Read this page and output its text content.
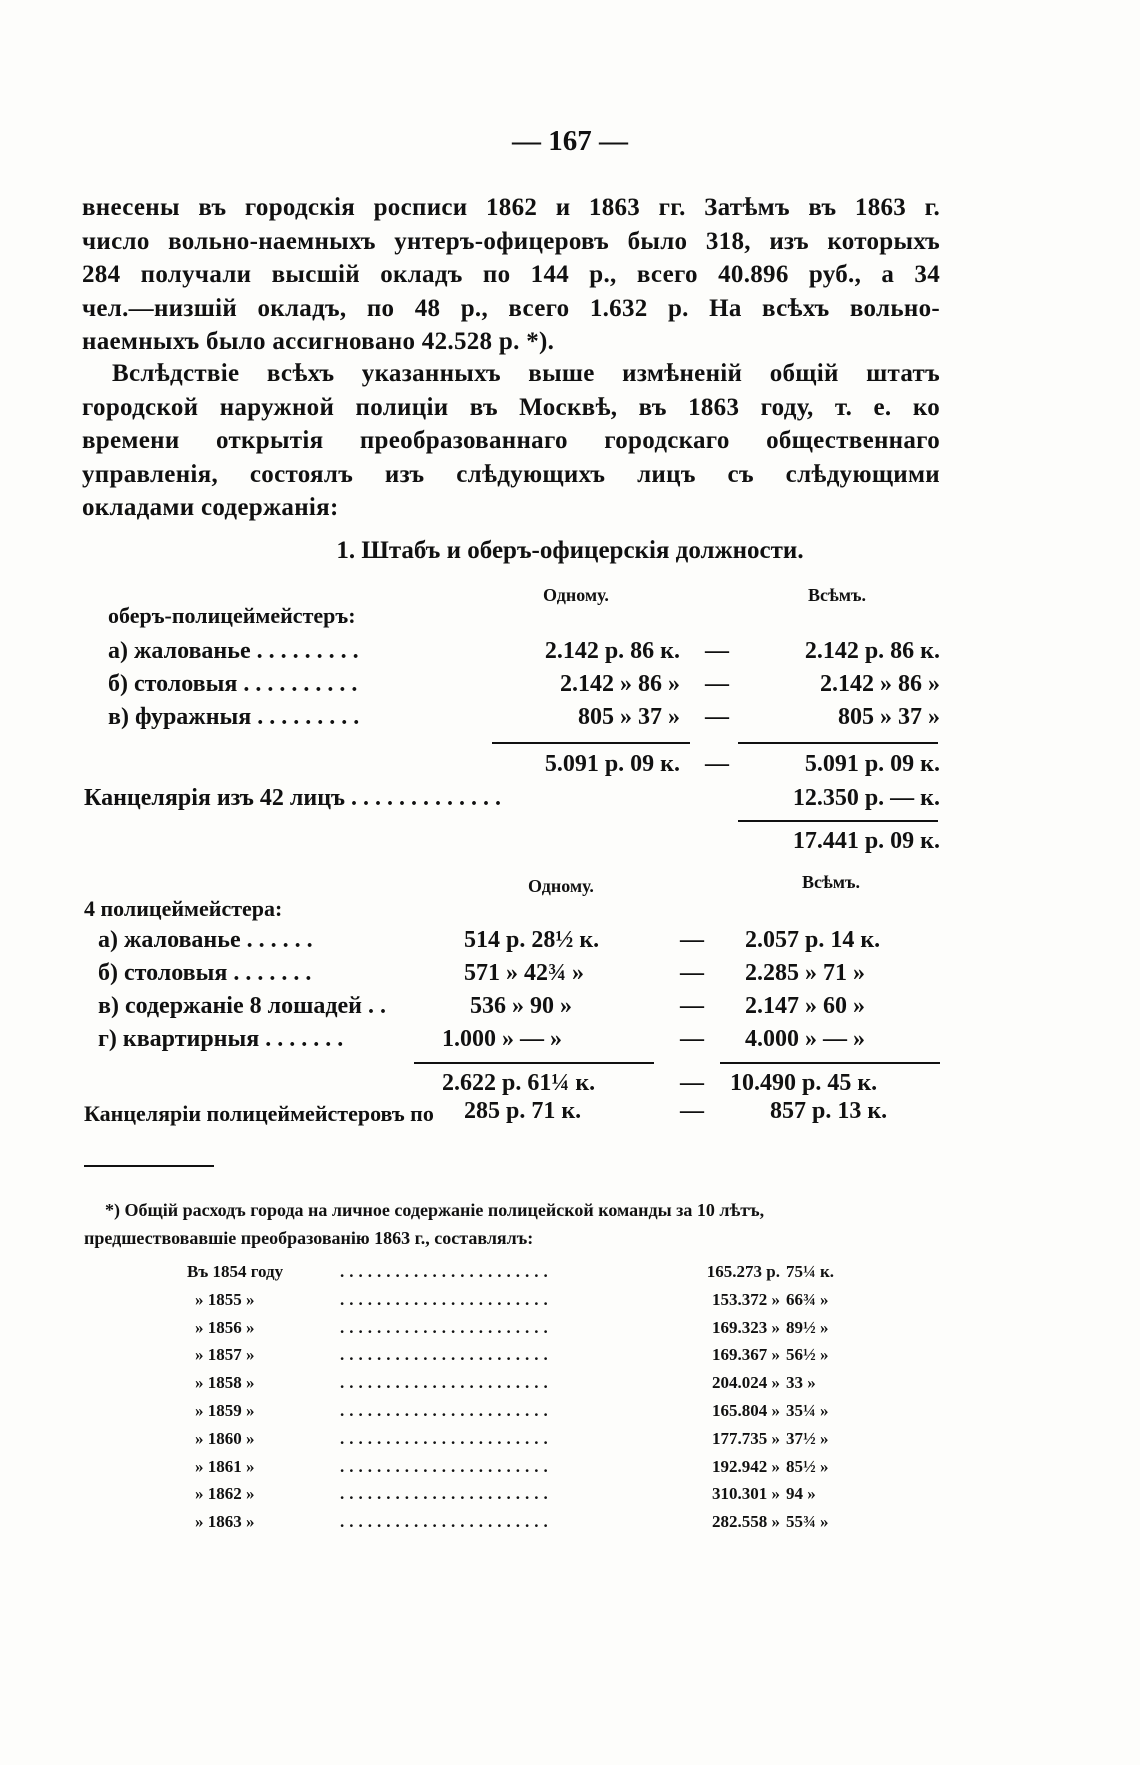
— 167 —
внесены въ городскія росписи 1862 и 1863 гг. Затѣмъ въ 1863 г.
число вольно-наемныхъ унтеръ-офицеровъ было 318, изъ которыхъ
284 получали высшій окладъ по 144 р., всего 40.896 руб., а 34
чел.—низшій окладъ, по 48 р., всего 1.632 р. На всѣхъ вольно-
наемныхъ было ассигновано 42.528 р. *).
Вслѣдствіе всѣхъ указанныхъ выше измѣненій общій штатъ
городской наружной полиціи въ Москвѣ, въ 1863 году, т. е. ко
времени открытія преобразованнаго городскаго общественнаго
управленія, состоялъ изъ слѣдующихъ лицъ съ слѣдующими
окладами содержанія:
1. Штабъ и оберъ-офицерскія должности.
Одному.	Всѣмъ.
оберъ-полицеймейстеръ:
а) жалованье . . . . . . . . .	2.142 р. 86 к. —	2.142 р. 86 к.
б) столовыя . . . . . . . . . .	2.142 » 86 » —	2.142 » 86 »
в) фуражныя . . . . . . . . .	805 » 37 » —	805 » 37 »
5.091 р. 09 к. —	5.091 р. 09 к.
Канцелярія изъ 42 лицъ . . . . . . . . . . . . .	12.350 р. — к.
17.441 р. 09 к.
Одному.	Всѣмъ.
4 полицеймейстера:
а) жалованье . . . . . .	514 р. 28½ к.	— 2.057 р. 14 к.
б) столовыя . . . . . . .	571 » 42¾ »	— 2.285 » 71 »
в) содержаніе 8 лошадей . .	536 » 90 »	— 2.147 » 60 »
г) квартирныя . . . . . . .	1.000 » — »	— 4.000 » — »
2.622 р. 61¼ к.	— 10.490 р. 45 к.
Канцеляріи полицеймейстеровъ по 285 р. 71 к.	—	857 р. 13 к.
*) Общій расходъ города на личное содержаніе полицейской команды за 10 лѣтъ,
предшествовавшіе преобразованію 1863 г., составлялъ:
Въ 1854 году	.......................	165.273 р. 75¼ к.
» 1855 »	.......................	153.372 » 66¾ »
» 1856 »	.......................	169.323 » 89½ »
» 1857 »	.......................	169.367 » 56½ »
» 1858 »	.......................	204.024 » 33 »
» 1859 »	.......................	165.804 » 35¼ »
» 1860 »	.......................	177.735 » 37½ »
» 1861 »	.......................	192.942 » 85½ »
» 1862 »	.......................	310.301 » 94 »
» 1863 »	.......................	282.558 » 55¾ »
